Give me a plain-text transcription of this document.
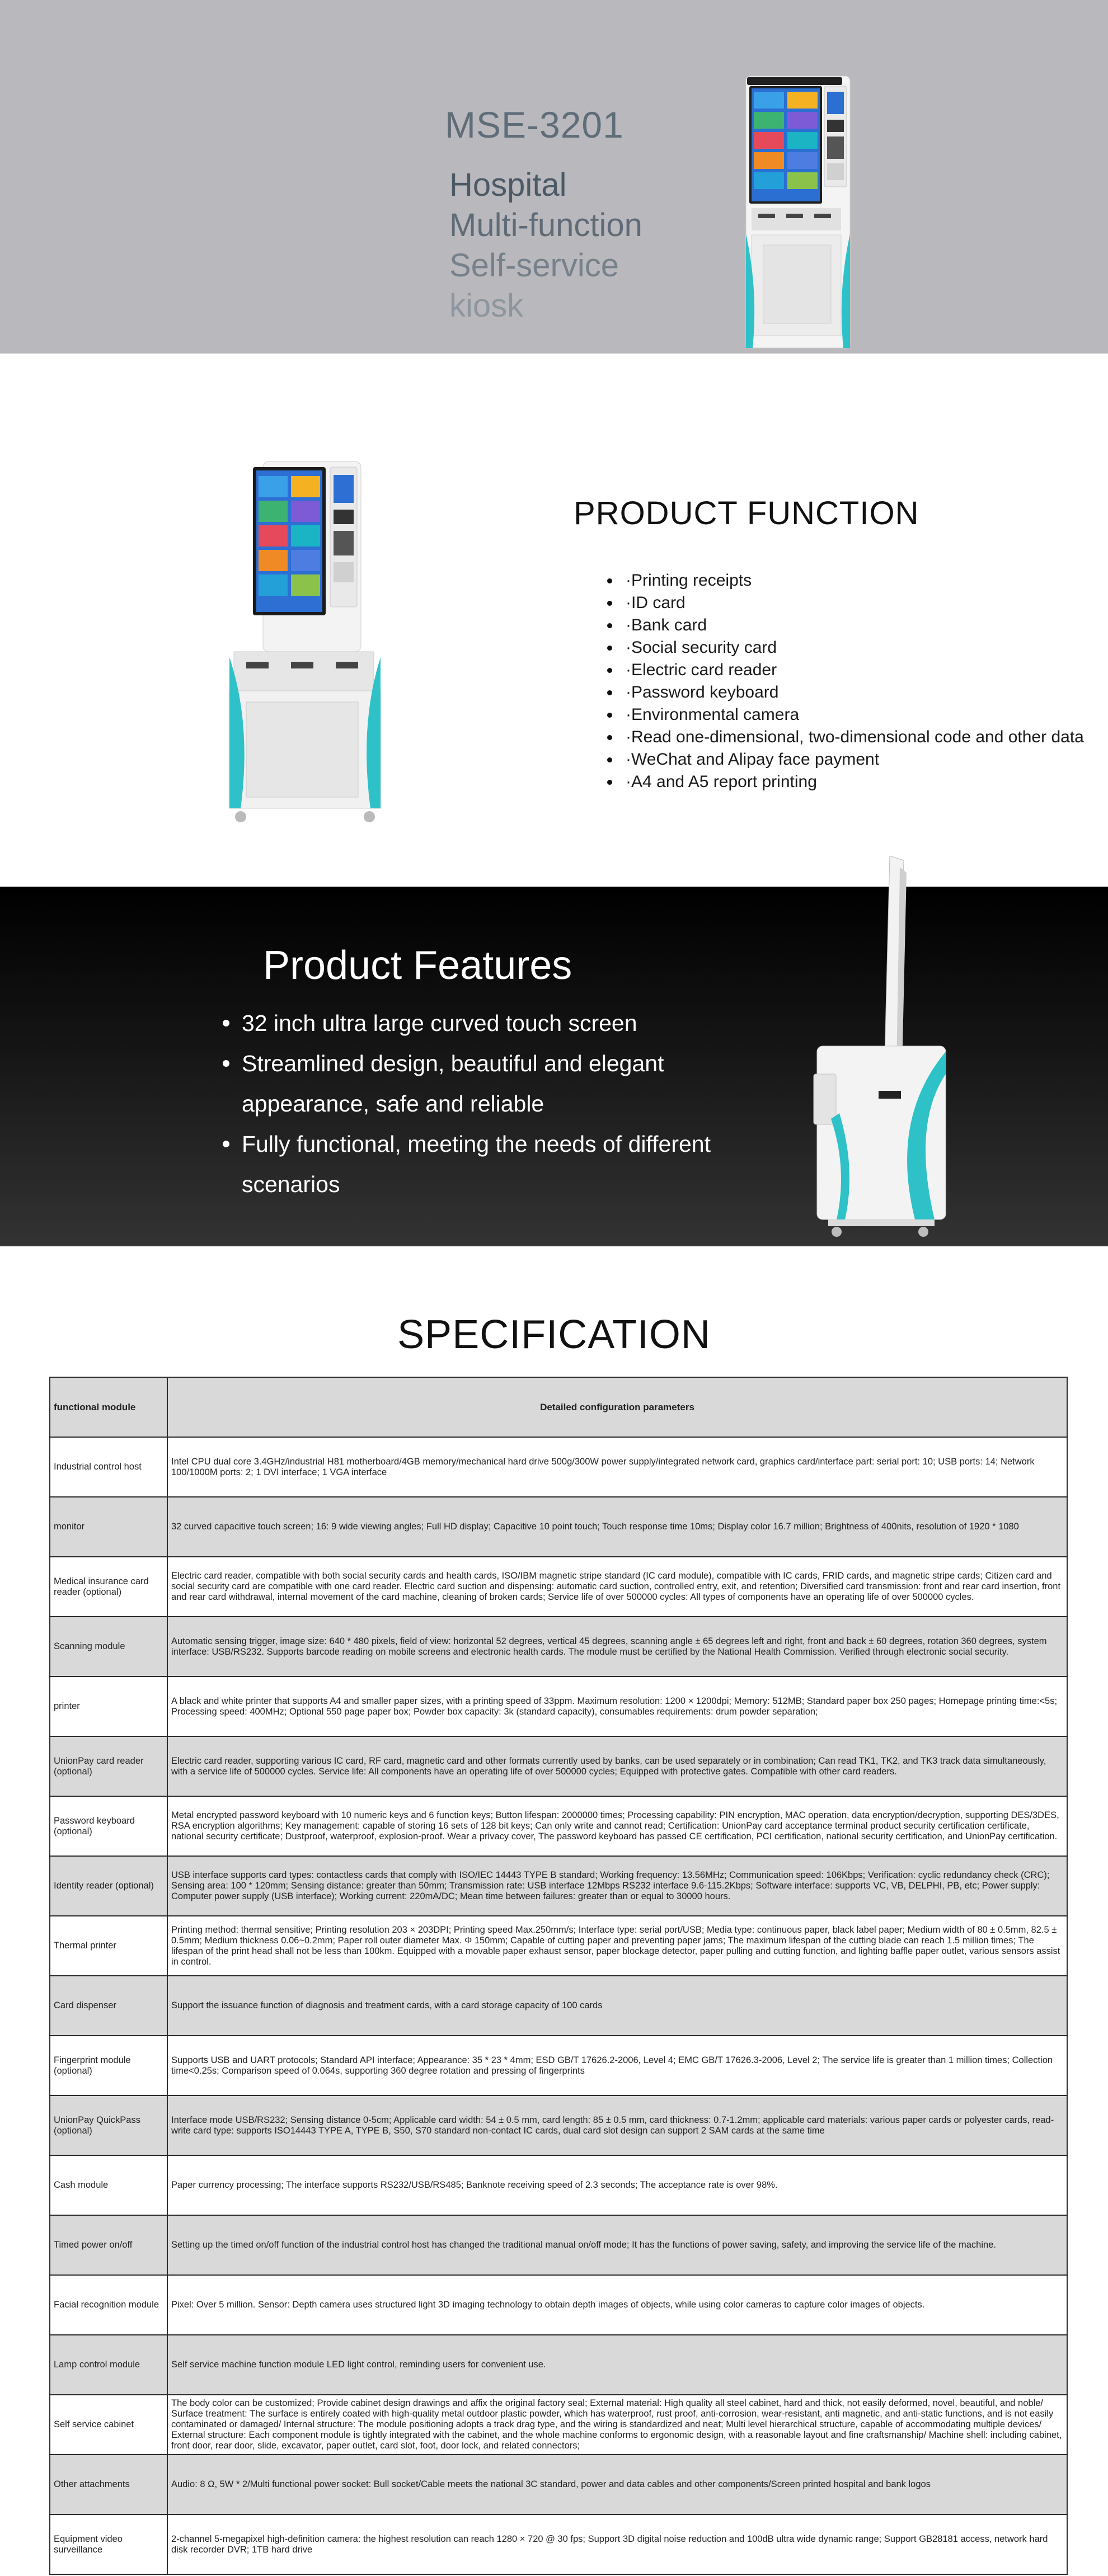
MSE-3201
Hospital
Multi-function
Self-service
kiosk
PRODUCT FUNCTION
·Printing receipts
·ID card
·Bank card
·Social security card
·Electric card reader
·Password keyboard
·Environmental camera
·Read one-dimensional, two-dimensional code and other data
·WeChat and Alipay face payment
·A4 and A5 report printing
Product Features
32 inch ultra large curved touch screen
Streamlined design, beautiful and elegant appearance, safe and reliable
Fully functional, meeting the needs of different scenarios
SPECIFICATION
functional module	Detailed configuration parameters
Industrial control host	Intel CPU dual core 3.4GHz/industrial H81 motherboard/4GB memory/mechanical hard drive 500g/300W power supply/integrated network card, graphics card/interface part: serial port: 10; USB ports: 14; Network 100/1000M ports: 2; 1 DVI interface; 1 VGA interface
monitor	32 curved capacitive touch screen; 16: 9 wide viewing angles; Full HD display; Capacitive 10 point touch; Touch response time 10ms; Display color 16.7 million; Brightness of 400nits, resolution of 1920 * 1080
Medical insurance card reader (optional)	Electric card reader, compatible with both social security cards and health cards, ISO/IBM magnetic stripe standard (IC card module), compatible with IC cards, FRID cards, and magnetic stripe cards; Citizen card and social security card are compatible with one card reader. Electric card suction and dispensing: automatic card suction, controlled entry, exit, and retention; Diversified card transmission: front and rear card insertion, front and rear card withdrawal, internal movement of the card machine, cleaning of broken cards; Service life of over 500000 cycles: All types of components have an operating life of over 500000 cycles.
Scanning module	Automatic sensing trigger, image size: 640 * 480 pixels, field of view: horizontal 52 degrees, vertical 45 degrees, scanning angle ± 65 degrees left and right, front and back ± 60 degrees, rotation 360 degrees, system interface: USB/RS232. Supports barcode reading on mobile screens and electronic health cards. The module must be certified by the National Health Commission. Verified through electronic social security.
printer	A black and white printer that supports A4 and smaller paper sizes, with a printing speed of 33ppm. Maximum resolution: 1200 × 1200dpi; Memory: 512MB; Standard paper box 250 pages; Homepage printing time:<5s; Processing speed: 400MHz; Optional 550 page paper box; Powder box capacity: 3k (standard capacity), consumables requirements: drum powder separation;
UnionPay card reader (optional)	Electric card reader, supporting various IC card, RF card, magnetic card and other formats currently used by banks, can be used separately or in combination; Can read TK1, TK2, and TK3 track data simultaneously, with a service life of 500000 cycles. Service life: All components have an operating life of over 500000 cycles; Equipped with protective gates. Compatible with other card readers.
Password keyboard (optional)	Metal encrypted password keyboard with 10 numeric keys and 6 function keys; Button lifespan: 2000000 times; Processing capability: PIN encryption, MAC operation, data encryption/decryption, supporting DES/3DES, RSA encryption algorithms; Key management: capable of storing 16 sets of 128 bit keys; Can only write and cannot read; Certification: UnionPay card acceptance terminal product security certification certificate, national security certificate; Dustproof, waterproof, explosion-proof. Wear a privacy cover, The password keyboard has passed CE certification, PCI certification, national security certification, and UnionPay certification.
Identity reader (optional)	USB interface supports card types: contactless cards that comply with ISO/IEC 14443 TYPE B standard; Working frequency: 13.56MHz; Communication speed: 106Kbps; Verification: cyclic redundancy check (CRC); Sensing area: 100 * 120mm; Sensing distance: greater than 50mm; Transmission rate: USB interface 12Mbps RS232 interface 9.6-115.2Kbps; Software interface: supports VC, VB, DELPHI, PB, etc; Power supply: Computer power supply (USB interface); Working current: 220mA/DC; Mean time between failures: greater than or equal to 30000 hours.
Thermal printer	Printing method: thermal sensitive; Printing resolution 203 × 203DPI; Printing speed Max.250mm/s; Interface type: serial port/USB; Media type: continuous paper, black label paper; Medium width of 80 ± 0.5mm, 82.5 ± 0.5mm; Medium thickness 0.06~0.2mm; Paper roll outer diameter Max. Φ 150mm; Capable of cutting paper and preventing paper jams; The maximum lifespan of the cutting blade can reach 1.5 million times; The lifespan of the print head shall not be less than 100km. Equipped with a movable paper exhaust sensor, paper blockage detector, paper pulling and cutting function, and lighting baffle paper outlet, various sensors assist in control.
Card dispenser	Support the issuance function of diagnosis and treatment cards, with a card storage capacity of 100 cards
Fingerprint module (optional)	Supports USB and UART protocols; Standard API interface; Appearance: 35 * 23 * 4mm; ESD GB/T 17626.2-2006, Level 4; EMC GB/T 17626.3-2006, Level 2; The service life is greater than 1 million times; Collection time<0.25s; Comparison speed of 0.064s, supporting 360 degree rotation and pressing of fingerprints
UnionPay QuickPass (optional)	Interface mode USB/RS232; Sensing distance 0-5cm; Applicable card width: 54 ± 0.5 mm, card length: 85 ± 0.5 mm, card thickness: 0.7-1.2mm; applicable card materials: various paper cards or polyester cards, read-write card type: supports ISO14443 TYPE A, TYPE B, S50, S70 standard non-contact IC cards, dual card slot design can support 2 SAM cards at the same time
Cash module	Paper currency processing; The interface supports RS232/USB/RS485; Banknote receiving speed of 2.3 seconds; The acceptance rate is over 98%.
Timed power on/off	Setting up the timed on/off function of the industrial control host has changed the traditional manual on/off mode; It has the functions of power saving, safety, and improving the service life of the machine.
Facial recognition module	Pixel: Over 5 million. Sensor: Depth camera uses structured light 3D imaging technology to obtain depth images of objects, while using color cameras to capture color images of objects.
Lamp control module	Self service machine function module LED light control, reminding users for convenient use.
Self service cabinet	The body color can be customized; Provide cabinet design drawings and affix the original factory seal; External material: High quality all steel cabinet, hard and thick, not easily deformed, novel, beautiful, and noble/ Surface treatment: The surface is entirely coated with high-quality metal outdoor plastic powder, which has waterproof, rust proof, anti-corrosion, wear-resistant, anti magnetic, and anti-static functions, and is not easily contaminated or damaged/ Internal structure: The module positioning adopts a track drag type, and the wiring is standardized and neat; Multi level hierarchical structure, capable of accommodating multiple devices/ External structure: Each component module is tightly integrated with the cabinet, and the whole machine conforms to ergonomic design, with a reasonable layout and fine craftsmanship/ Machine shell: including cabinet, front door, rear door, slide, excavator, paper outlet, card slot, foot, door lock, and related connectors;
Other attachments	Audio: 8 Ω, 5W * 2/Multi functional power socket: Bull socket/Cable meets the national 3C standard, power and data cables and other components/Screen printed hospital and bank logos
Equipment video surveillance	2-channel 5-megapixel high-definition camera: the highest resolution can reach 1280 × 720 @ 30 fps; Support 3D digital noise reduction and 100dB ultra wide dynamic range; Support GB28181 access, network hard disk recorder DVR; 1TB hard drive
